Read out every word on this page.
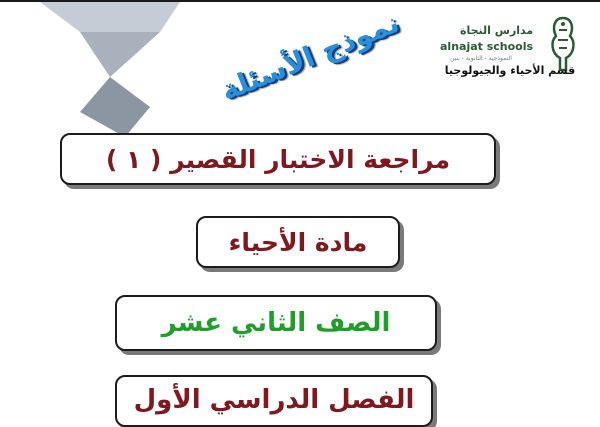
نموذج الأسئلة	مدارس النجاة
alnajat schools
النموذجية - الثانوية - بنين
قسم الأحياء والجيولوجيا
مراجعة الاختبار القصير ( ١ )
مادة الأحياء
الصف الثاني عشر
الفصل الدراسي الأول
